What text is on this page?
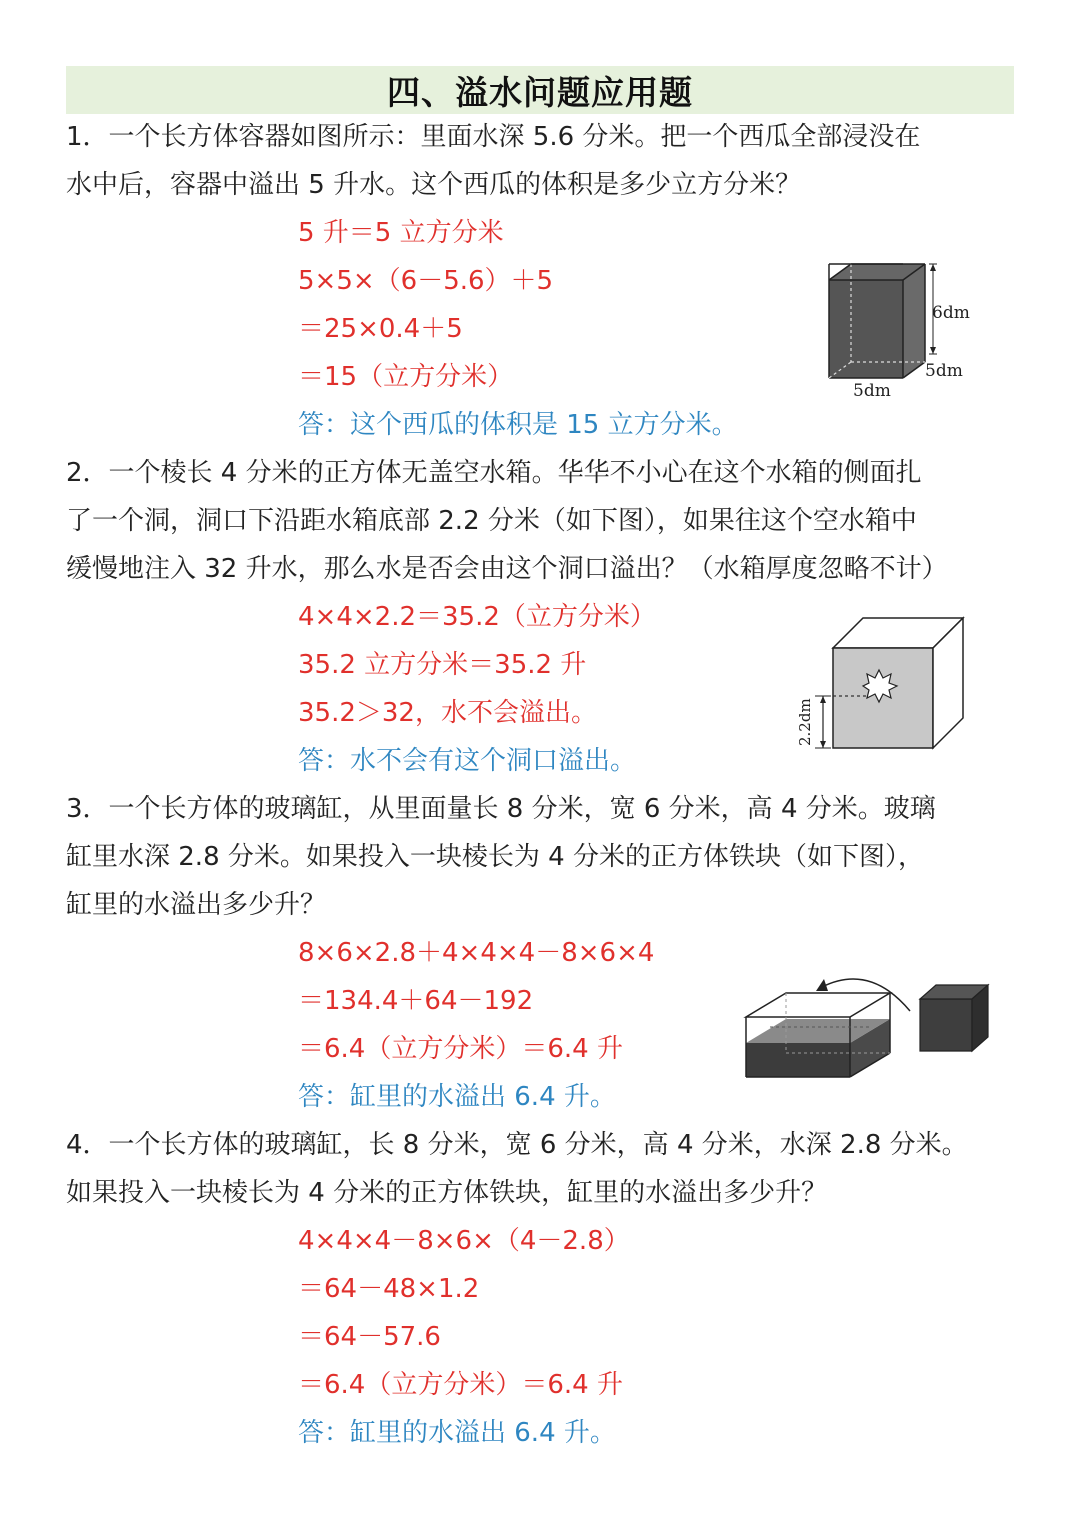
四、溢水问题应用题
1．一个长方体容器如图所示：里面水深 5.6 分米。把一个西瓜全部浸没在
水中后，容器中溢出 5 升水。这个西瓜的体积是多少立方分米？
5 升＝5 立方分米
5×5×（6－5.6）＋5
＝25×0.4＋5
＝15（立方分米）
答：这个西瓜的体积是 15 立方分米。
6dm
5dm
5dm
2．一个棱长 4 分米的正方体无盖空水箱。华华不小心在这个水箱的侧面扎
了一个洞，洞口下沿距水箱底部 2.2 分米（如下图），如果往这个空水箱中
缓慢地注入 32 升水，那么水是否会由这个洞口溢出？（水箱厚度忽略不计）
4×4×2.2＝35.2（立方分米）
35.2 立方分米＝35.2 升
35.2＞32，水不会溢出。
答：水不会有这个洞口溢出。
2.2dm
3．一个长方体的玻璃缸，从里面量长 8 分米，宽 6 分米，高 4 分米。玻璃
缸里水深 2.8 分米。如果投入一块棱长为 4 分米的正方体铁块（如下图），
缸里的水溢出多少升？
8×6×2.8＋4×4×4－8×6×4
＝134.4＋64－192
＝6.4（立方分米）＝6.4 升
答：缸里的水溢出 6.4 升。
4．一个长方体的玻璃缸，长 8 分米，宽 6 分米，高 4 分米，水深 2.8 分米。
如果投入一块棱长为 4 分米的正方体铁块，缸里的水溢出多少升？
4×4×4－8×6×（4－2.8）
＝64－48×1.2
＝64－57.6
＝6.4（立方分米）＝6.4 升
答：缸里的水溢出 6.4 升。
